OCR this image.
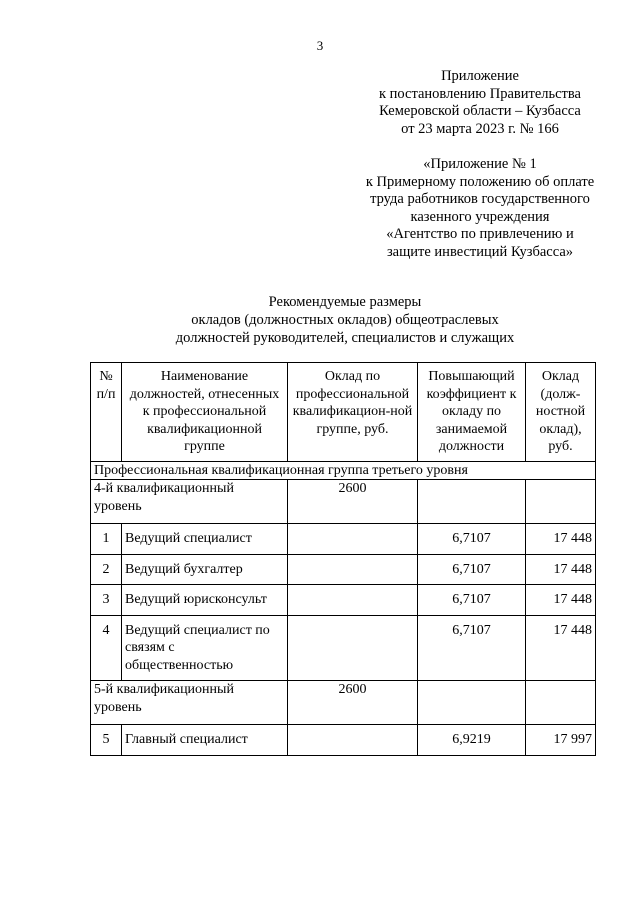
3
Приложение
к постановлению Правительства
Кемеровской области – Кузбасса
от 23 марта 2023 г. № 166
«Приложение № 1
к Примерному положению об оплате
труда работников государственного
казенного учреждения
«Агентство по привлечению и
защите инвестиций Кузбасса»
Рекомендуемые размеры
окладов (должностных окладов) общеотраслевых
должностей руководителей, специалистов и служащих
№ п/п	Наименование должностей, отнесенных к профессиональной квалификационной группе	Оклад по профессиональной квалификацион-ной группе, руб.	Повышающий коэффициент к окладу по занимаемой должности	Оклад (долж-ностной оклад), руб.
Профессиональная квалификационная группа третьего уровня				
4-й квалификационный уровень		2600		
1	Ведущий специалист		6,7107	17 448
2	Ведущий бухгалтер		6,7107	17 448
3	Ведущий юрисконсульт		6,7107	17 448
4	Ведущий специалист по связям с общественностью		6,7107	17 448
5-й квалификационный уровень		2600		
5	Главный специалист		6,9219	17 997
